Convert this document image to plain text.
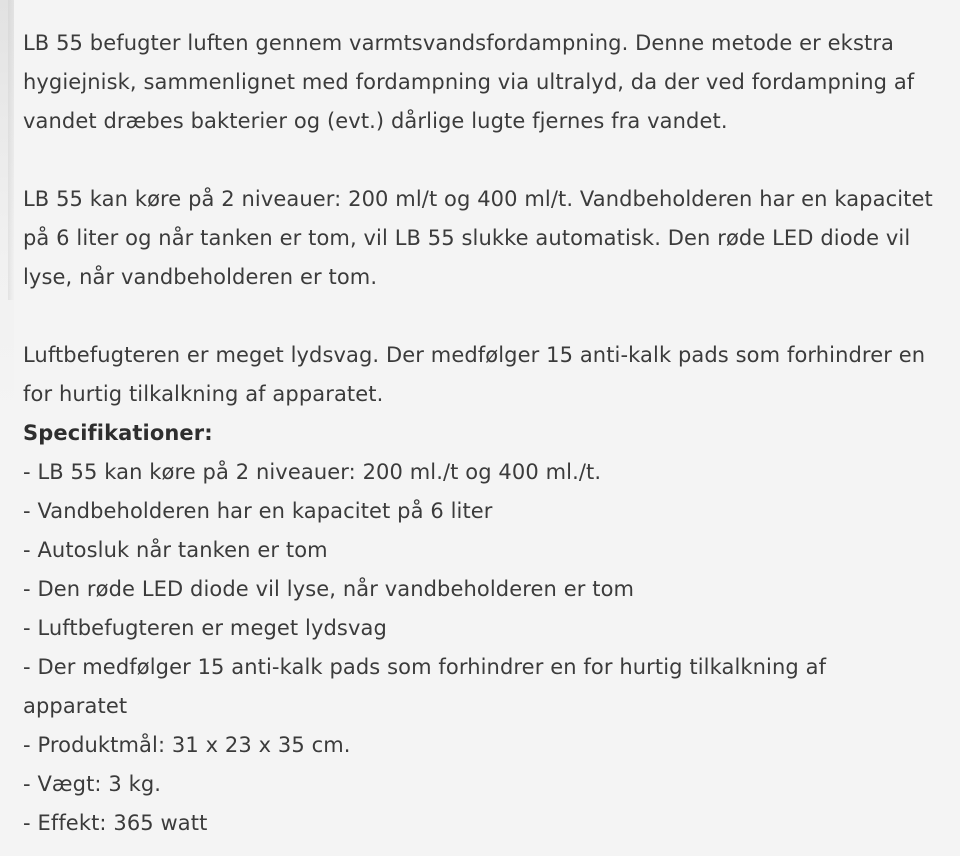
LB 55 befugter luften gennem varmtsvandsfordampning. Denne metode er ekstra hygiejnisk, sammenlignet med fordampning via ultralyd, da der ved fordampning af vandet dræbes bakterier og (evt.) dårlige lugte fjernes fra vandet.

LB 55 kan køre på 2 niveauer: 200 ml/t og 400 ml/t. Vandbeholderen har en kapacitet på 6 liter og når tanken er tom, vil LB 55 slukke automatisk. Den røde LED diode vil lyse, når vandbeholderen er tom.

Luftbefugteren er meget lydsvag. Der medfølger 15 anti-kalk pads som forhindrer en for hurtig tilkalkning af apparatet.

Specifikationer:

- LB 55 kan køre på 2 niveauer: 200 ml./t og 400 ml./t.
- Vandbeholderen har en kapacitet på 6 liter
- Autosluk når tanken er tom
- Den røde LED diode vil lyse, når vandbeholderen er tom
- Luftbefugteren er meget lydsvag
- Der medfølger 15 anti-kalk pads som forhindrer en for hurtig tilkalkning af apparatet
- Produktmål: 31 x 23 x 35 cm.
- Vægt: 3 kg.
- Effekt: 365 watt
